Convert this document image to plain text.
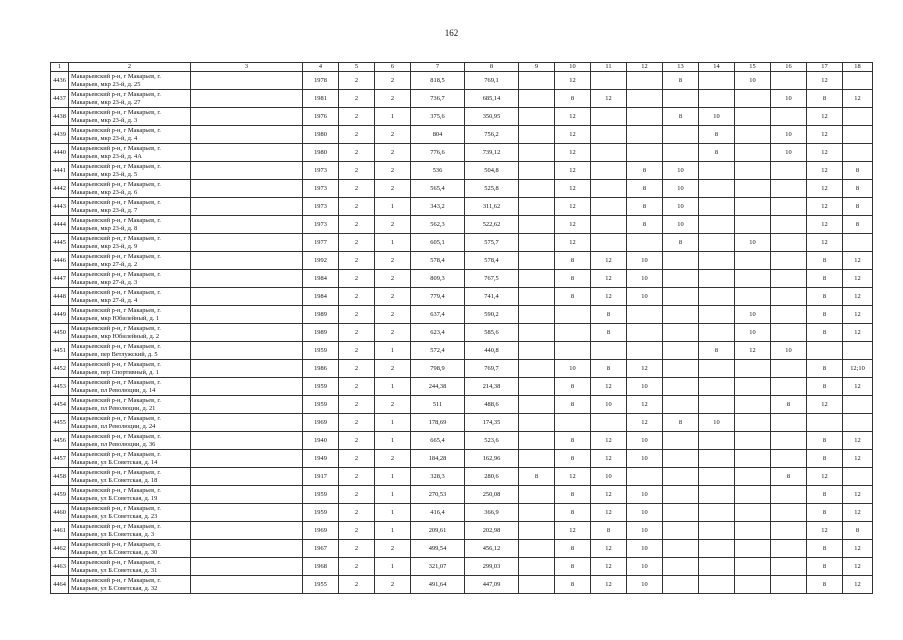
162
1	2	3	4	5	6	7	8	9	10	11	12	13	14	15	16	17	18
4436	Макарьевский р-н, г Макарьев, г. Макарьев, мкр 23-й, д. 25		1978	2	2	818,5	769,1		12			8		10		12	
4437	Макарьевский р-н, г Макарьев, г. Макарьев, мкр 23-й, д. 27		1981	2	2	736,7	685,14		8	12					10	8	12
4438	Макарьевский р-н, г Макарьев, г. Макарьев, мкр 23-й, д. 3		1976	2	1	375,6	350,95		12			8	10			12	
4439	Макарьевский р-н, г Макарьев, г. Макарьев, мкр 23-й, д. 4		1980	2	2	804	756,2		12				8		10	12	
4440	Макарьевский р-н, г Макарьев, г. Макарьев, мкр 23-й, д. 4А		1980	2	2	776,6	739,12		12				8		10	12	
4441	Макарьевский р-н, г Макарьев, г. Макарьев, мкр 23-й, д. 5		1973	2	2	536	504,8		12		8	10				12	8
4442	Макарьевский р-н, г Макарьев, г. Макарьев, мкр 23-й, д. 6		1973	2	2	565,4	525,8		12		8	10				12	8
4443	Макарьевский р-н, г Макарьев, г. Макарьев, мкр 23-й, д. 7		1973	2	1	343,2	311,62		12		8	10				12	8
4444	Макарьевский р-н, г Макарьев, г. Макарьев, мкр 23-й, д. 8		1973	2	2	562,3	522,62		12		8	10				12	8
4445	Макарьевский р-н, г Макарьев, г. Макарьев, мкр 23-й, д. 9		1977	2	1	605,1	575,7		12			8		10		12	
4446	Макарьевский р-н, г Макарьев, г. Макарьев, мкр 27-й, д. 2		1992	2	2	578,4	578,4		8	12	10					8	12
4447	Макарьевский р-н, г Макарьев, г. Макарьев, мкр 27-й, д. 3		1984	2	2	809,3	767,5		8	12	10					8	12
4448	Макарьевский р-н, г Макарьев, г. Макарьев, мкр 27-й, д. 4		1984	2	2	779,4	741,4		8	12	10					8	12
4449	Макарьевский р-н, г Макарьев, г. Макарьев, мкр Юбилейный, д. 1		1989	2	2	637,4	590,2			8				10		8	12
4450	Макарьевский р-н, г Макарьев, г. Макарьев, мкр Юбилейный, д. 2		1989	2	2	623,4	585,6			8				10		8	12
4451	Макарьевский р-н, г Макарьев, г. Макарьев, пер Ветлужский, д. 5		1959	2	1	572,4	440,8						8	12	10		
4452	Макарьевский р-н, г Макарьев, г. Макарьев, пер Спортивный, д. 1		1986	2	2	798,9	769,7		10	8	12					8	12;10
4453	Макарьевский р-н, г Макарьев, г. Макарьев, пл Революции, д. 14		1959	2	1	244,38	214,38		8	12	10					8	12
4454	Макарьевский р-н, г Макарьев, г. Макарьев, пл Революции, д. 21		1959	2	2	511	488,6		8	10	12				8	12	
4455	Макарьевский р-н, г Макарьев, г. Макарьев, пл Революции, д. 24		1969	2	1	178,69	174,35				12	8	10				
4456	Макарьевский р-н, г Макарьев, г. Макарьев, пл Революции, д. 36		1940	2	1	665,4	523,6		8	12	10					8	12
4457	Макарьевский р-н, г Макарьев, г. Макарьев, ул Б.Советская, д. 14		1949	2	2	184,28	162,96		8	12	10					8	12
4458	Макарьевский р-н, г Макарьев, г. Макарьев, ул Б.Советская, д. 18		1917	2	1	328,3	280,6	8	12	10					8	12	
4459	Макарьевский р-н, г Макарьев, г. Макарьев, ул Б.Советская, д. 19		1959	2	1	270,53	250,08		8	12	10					8	12
4460	Макарьевский р-н, г Макарьев, г. Макарьев, ул Б.Советская, д. 23		1959	2	1	416,4	366,9		8	12	10					8	12
4461	Макарьевский р-н, г Макарьев, г. Макарьев, ул Б.Советская, д. 3		1969	2	1	209,61	202,98		12	8	10					12	8
4462	Макарьевский р-н, г Макарьев, г. Макарьев, ул Б.Советская, д. 30		1967	2	2	499,54	456,12		8	12	10					8	12
4463	Макарьевский р-н, г Макарьев, г. Макарьев, ул Б.Советская, д. 31		1968	2	1	321,07	299,03		8	12	10					8	12
4464	Макарьевский р-н, г Макарьев, г. Макарьев, ул Б.Советская, д. 32		1955	2	2	491,64	447,09		8	12	10					8	12
